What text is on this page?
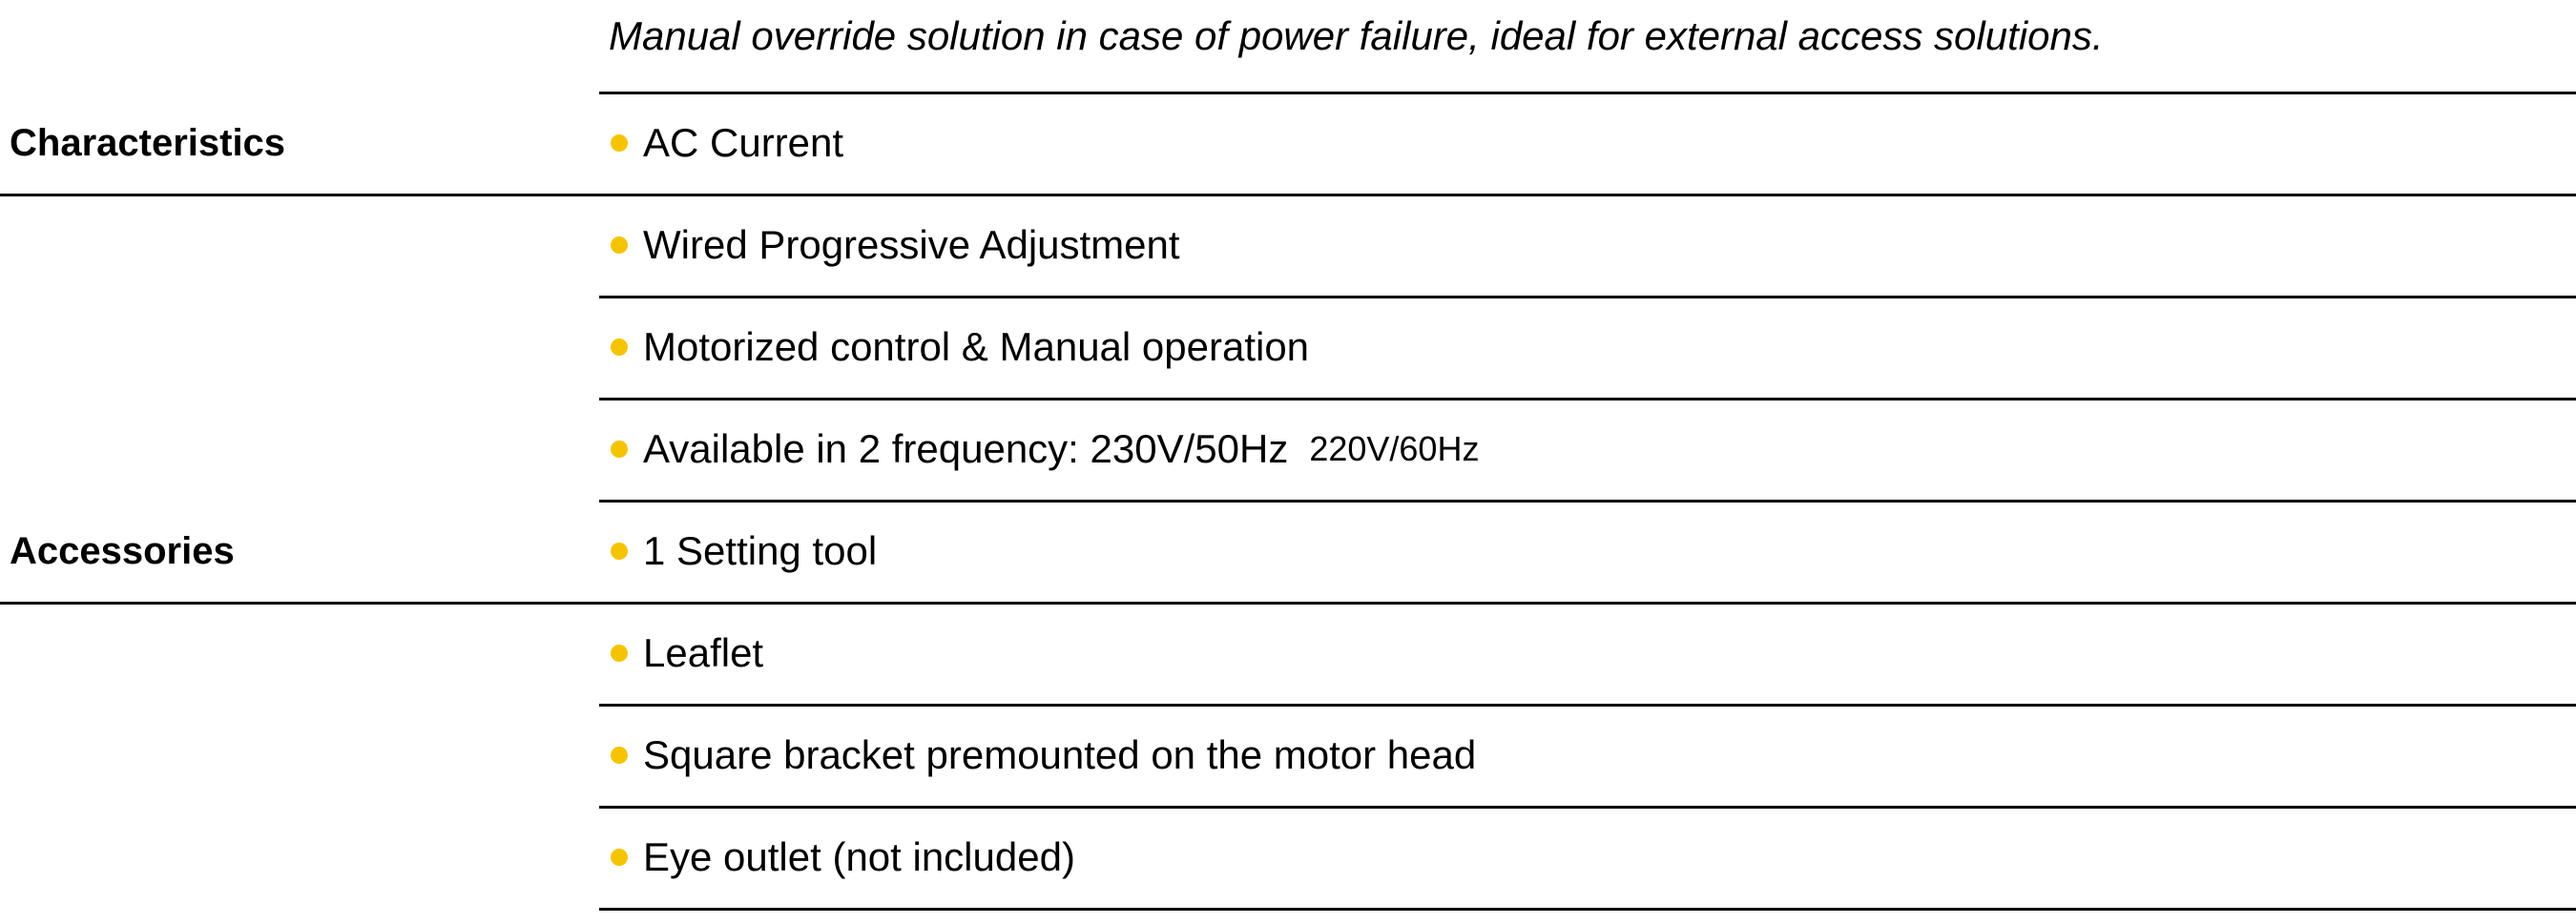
Manual override solution in case of power failure, ideal for external access solutions.
Characteristics	AC Current
Wired Progressive Adjustment
Motorized control & Manual operation
Available in 2 frequency: 230V/50Hz 220V/60Hz
Accessories	1 Setting tool
Leaflet
Square bracket premounted on the motor head
Eye outlet (not included)
